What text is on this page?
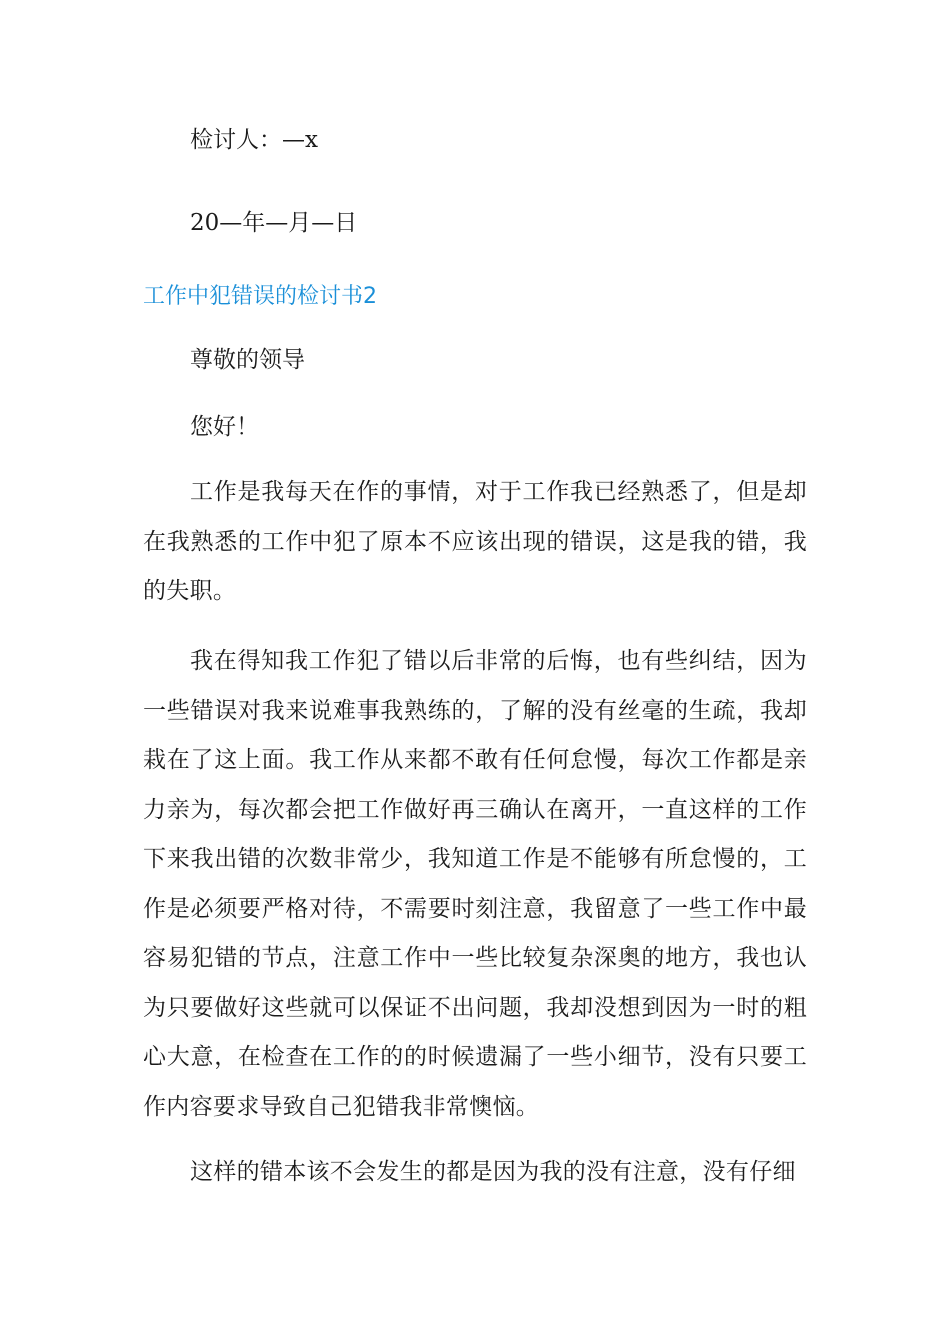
检讨人：—x
20—年—月—日
工作中犯错误的检讨书2
尊敬的领导
您好！
工作是我每天在作的事情，对于工作我已经熟悉了，但是却在我熟悉的工作中犯了原本不应该出现的错误，这是我的错，我的失职。
我在得知我工作犯了错以后非常的后悔，也有些纠结，因为一些错误对我来说难事我熟练的，了解的没有丝毫的生疏，我却栽在了这上面。我工作从来都不敢有任何怠慢，每次工作都是亲力亲为，每次都会把工作做好再三确认在离开，一直这样的工作下来我出错的次数非常少，我知道工作是不能够有所怠慢的，工作是必须要严格对待，不需要时刻注意，我留意了一些工作中最容易犯错的节点，注意工作中一些比较复杂深奥的地方，我也认为只要做好这些就可以保证不出问题，我却没想到因为一时的粗心大意，在检查在工作的的时候遗漏了一些小细节，没有只要工作内容要求导致自己犯错我非常懊恼。
这样的错本该不会发生的都是因为我的没有注意，没有仔细
